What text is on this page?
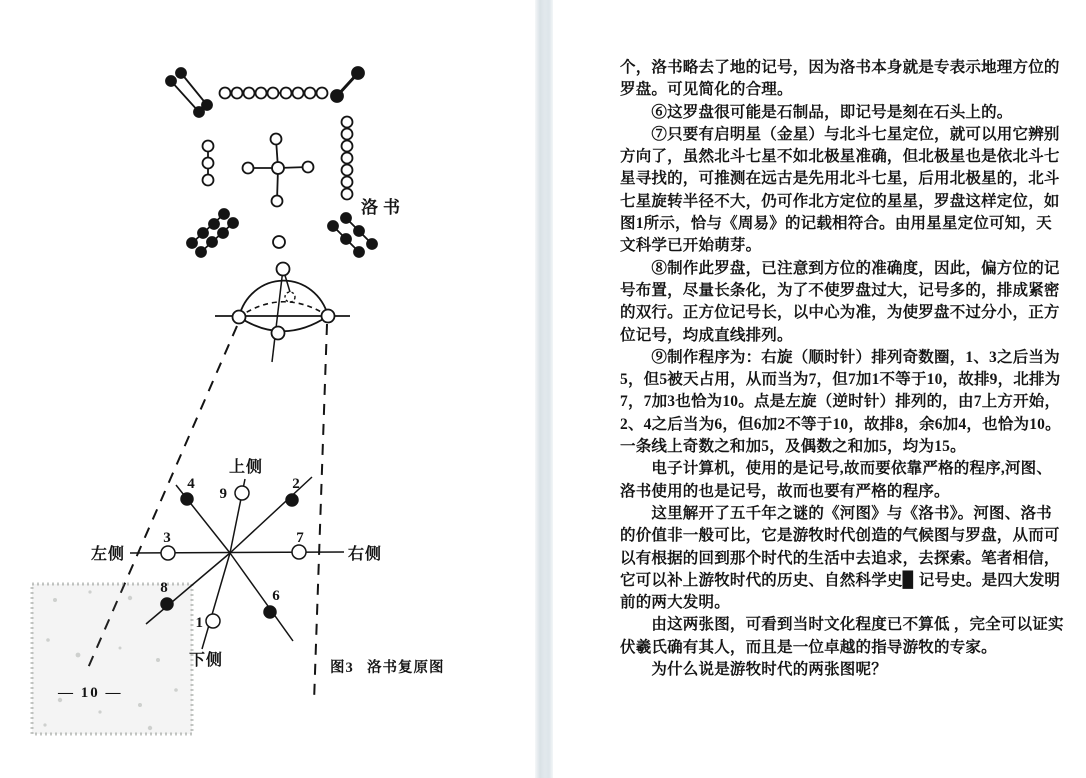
9
4	2
3	7
8
1
6
上侧
左侧	右侧
下侧
洛书
图3 洛书复原图
— 10 —
个，洛书略去了地的记号，因为洛书本身就是专表示地理方位的
罗盘。可见简化的合理。
　　⑥这罗盘很可能是石制品，即记号是刻在石头上的。
　　⑦只要有启明星（金星）与北斗七星定位，就可以用它辨别
方向了，虽然北斗七星不如北极星准确，但北极星也是依北斗七
星寻找的，可推测在远古是先用北斗七星，后用北极星的，北斗
七星旋转半径不大，仍可作北方定位的星星，罗盘这样定位，如
图1所示，恰与《周易》的记载相符合。由用星星定位可知，天
文科学已开始萌芽。
　　⑧制作此罗盘，已注意到方位的准确度，因此，偏方位的记
号布置，尽量长条化，为了不使罗盘过大，记号多的，排成紧密
的双行。正方位记号长，以中心为准，为使罗盘不过分小，正方
位记号，均成直线排列。
　　⑨制作程序为：右旋（顺时针）排列奇数圈，1、3之后当为
5，但5被天占用，从而当为7，但7加1不等于10，故排9，北排为
7，7加3也恰为10。点是左旋（逆时针）排列的，由7上方开始，
2、4之后当为6，但6加2不等于10，故排8，余6加4，也恰为10。
一条线上奇数之和加5，及偶数之和加5，均为15。
　　电子计算机，使用的是记号,故而要依靠严格的程序,河图、
洛书使用的也是记号，故而也要有严格的程序。
　　这里解开了五千年之谜的《河图》与《洛书》。河图、洛书
的价值非一般可比，它是游牧时代创造的气候图与罗盘，从而可
以有根据的回到那个时代的生活中去追求，去探索。笔者相信，
它可以补上游牧时代的历史、自然科学史▉ 记号史。是四大发明
前的两大发明。
　　由这两张图，可看到当时文化程度已不算低 ，完全可以证实
伏羲氏确有其人，而且是一位卓越的指导游牧的专家。
　　为什么说是游牧时代的两张图呢？
